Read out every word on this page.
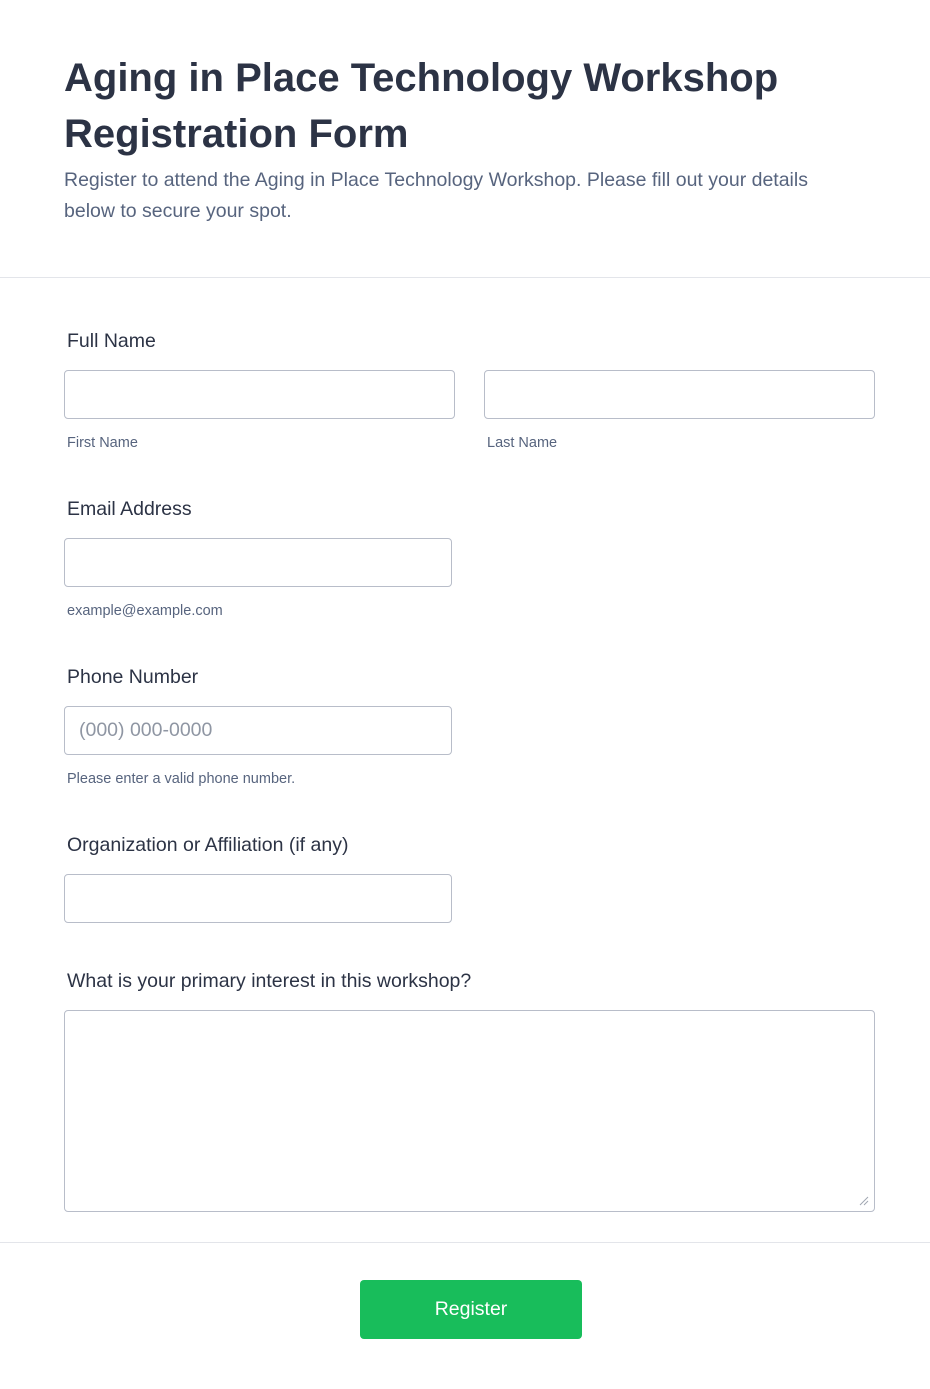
Aging in Place Technology Workshop Registration Form

Register to attend the Aging in Place Technology Workshop. Please fill out your details below to secure your spot.

Full Name
First Name	Last Name
Email Address
example@example.com
Phone Number
(000) 000-0000
Please enter a valid phone number.
Organization or Affiliation (if any)
What is your primary interest in this workshop?
Register
